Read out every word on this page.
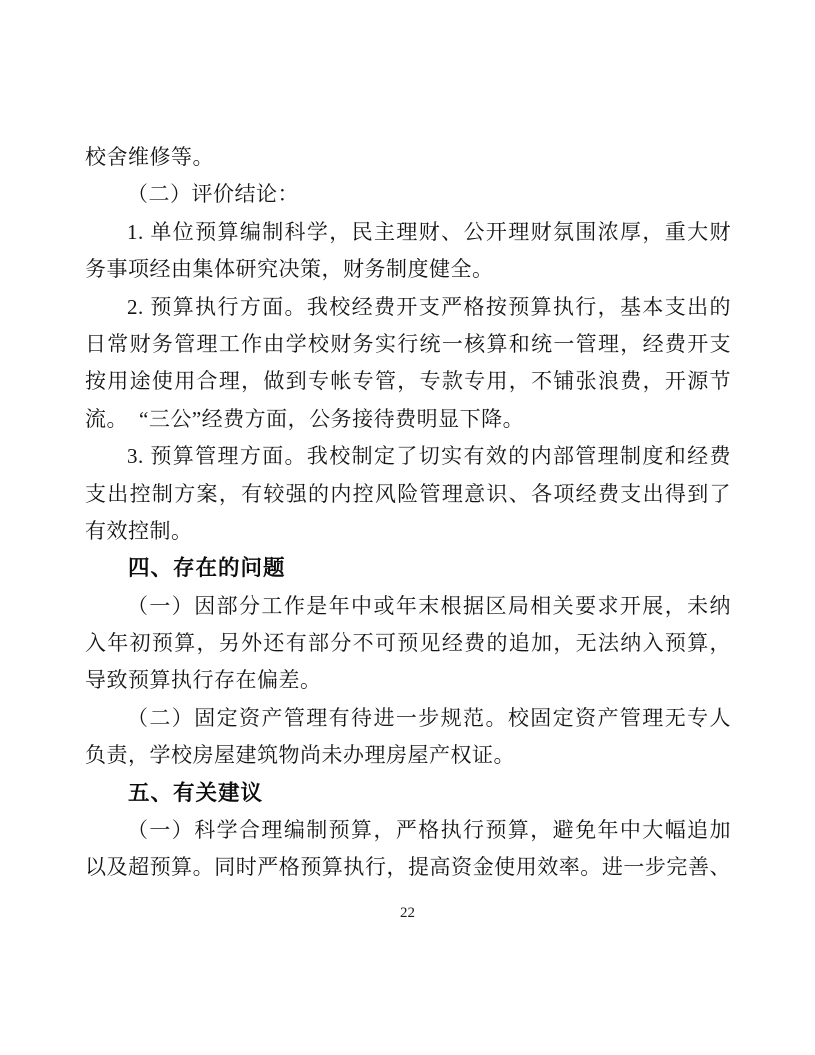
校舍维修等。
（二）评价结论：
1. 单位预算编制科学，民主理财、公开理财氛围浓厚，重大财
务事项经由集体研究决策，财务制度健全。
2. 预算执行方面。我校经费开支严格按预算执行，基本支出的
日常财务管理工作由学校财务实行统一核算和统一管理，经费开支
按用途使用合理，做到专帐专管，专款专用，不铺张浪费，开源节
流。　“三公”经费方面，公务接待费明显下降。
3. 预算管理方面。我校制定了切实有效的内部管理制度和经费
支出控制方案，有较强的内控风险管理意识、各项经费支出得到了
有效控制。
四、存在的问题
（一）因部分工作是年中或年末根据区局相关要求开展，未纳
入年初预算，另外还有部分不可预见经费的追加，无法纳入预算，
导致预算执行存在偏差。
（二）固定资产管理有待进一步规范。校固定资产管理无专人
负责，学校房屋建筑物尚未办理房屋产权证。
五、有关建议
（一）科学合理编制预算，严格执行预算，避免年中大幅追加
以及超预算。同时严格预算执行，提高资金使用效率。进一步完善、
22
